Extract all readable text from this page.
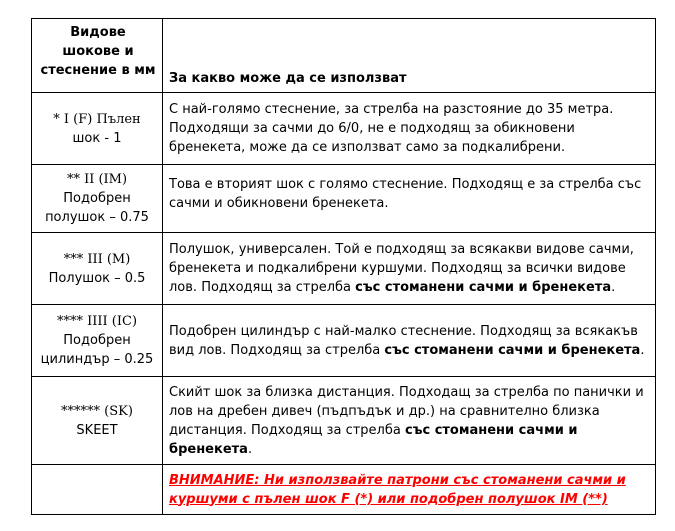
Видове шокове и стеснение в мм	За какво може да се използват

* I (F) Пълен
шок - 1	С най-голямо стеснение, за стрелба на разстояние до 35 метра. Подходящи за сачми до 6/0, не е подходящ за обикновени бренекета, може да се използват само за подкалибрени.

** II (IM)
Подобрен полушок – 0.75	Това е вторият шок с голямо стеснение. Подходящ е за стрелба със сачми и обикновени бренекета.

*** III (M)
Полушок – 0.5	Полушок, универсален. Той е подходящ за всякакви видове сачми, бренекета и подкалибрени куршуми. Подходящ за всички видове лов. Подходящ за стрелба със стоманени сачми и бренекета.

**** IIII (IC)
Подобрен цилиндър – 0.25	Подобрен цилиндър с най-малко стеснение. Подходящ за всякакъв вид лов. Подходящ за стрелба със стоманени сачми и бренекета.

****** (SK)
SKEET	Скийт шок за близка дистанция. Подходащ за стрелба по панички и лов на дребен дивеч (пъдпъдък и др.) на сравнително близка дистанция. Подходящ за стрелба със стоманени сачми и бренекета.
	ВНИМАНИЕ: Ни използвайте патрони със стоманени сачми и куршуми с пълен шок F (*) или подобрен полушок IM (**)
